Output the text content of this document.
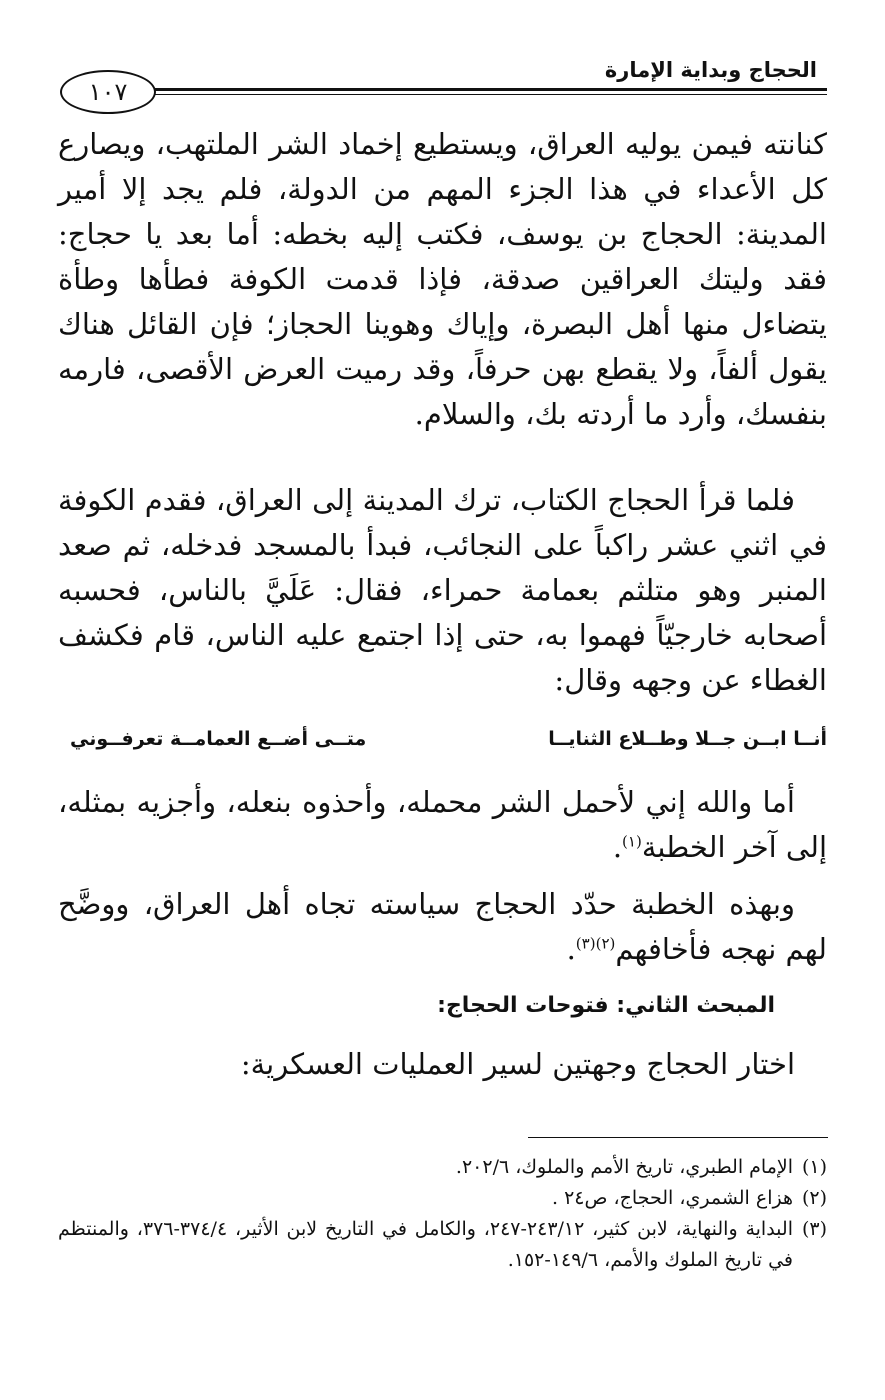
الحجاج وبداية الإمارة
١٠٧

كنانته فيمن يوليه العراق، ويستطيع إخماد الشر الملتهب، ويصارع كل الأعداء في هذا الجزء المهم من الدولة، فلم يجد إلا أمير المدينة: الحجاج بن يوسف، فكتب إليه بخطه: أما بعد يا حجاج: فقد وليتك العراقين صدقة، فإذا قدمت الكوفة فطأها وطأة يتضاءل منها أهل البصرة، وإياك وهوينا الحجاز؛ فإن القائل هناك يقول ألفاً، ولا يقطع بهن حرفاً، وقد رميت العرض الأقصى، فارمه بنفسك، وأرد ما أردته بك، والسلام.

فلما قرأ الحجاج الكتاب، ترك المدينة إلى العراق، فقدم الكوفة في اثني عشر راكباً على النجائب، فبدأ بالمسجد فدخله، ثم صعد المنبر وهو متلثم بعمامة حمراء، فقال: عَلَيَّ بالناس، فحسبه أصحابه خارجيّاً فهموا به، حتى إذا اجتمع عليه الناس، قام فكشف الغطاء عن وجهه وقال:

أنــا ابــن جــلا وطــلاع الثنايــا
متــى أضــع العمامــة تعرفــوني

أما والله إني لأحمل الشر محمله، وأحذوه بنعله، وأجزيه بمثله، إلى آخر الخطبة$^{(١)}$.

وبهذه الخطبة حدّد الحجاج سياسته تجاه أهل العراق، ووضَّح لهم نهجه فأخافهم$^{(٢)(٣)}$.

المبحث الثاني: فتوحات الحجاج:

اختار الحجاج وجهتين لسير العمليات العسكرية:

(١)
الإمام الطبري، تاريخ الأمم والملوك، ٢٠٢/٦.
(٢)
هزاع الشمري، الحجاج، ص٢٤ .
(٣)
البداية والنهاية، لابن كثير، ٢٤٣/١٢-٢٤٧، والكامل في التاريخ لابن الأثير، ٣٧٤/٤-٣٧٦، والمنتظم في تاريخ الملوك والأمم، ١٤٩/٦-١٥٢.
